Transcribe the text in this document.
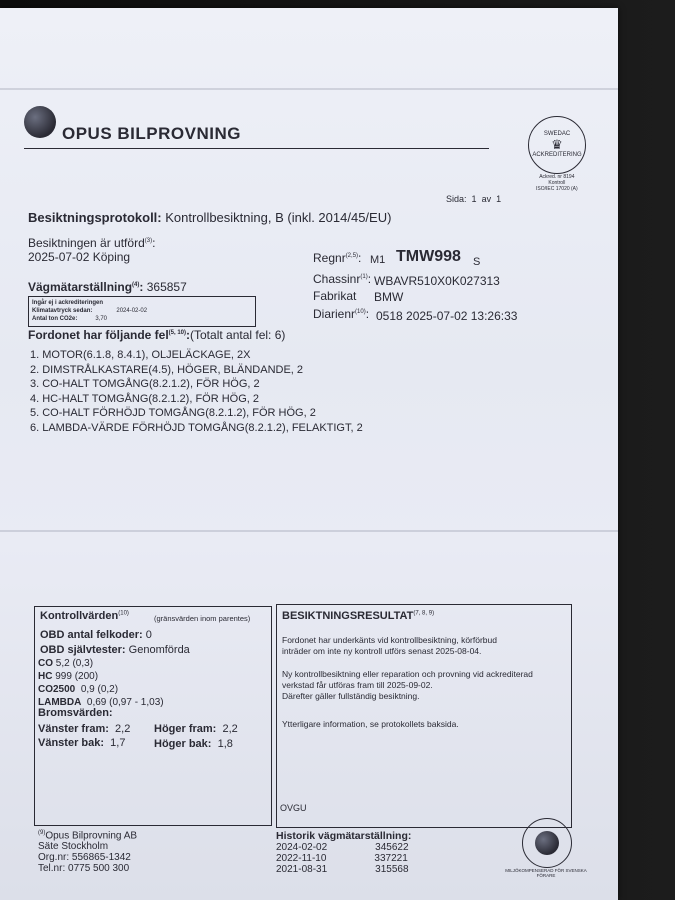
OPUS BILPROVNING	SWEDAC
♛
ACKREDITERING
Ackred. nr 8194
Kontroll
ISO/IEC 17020 (A)
Sida: 1 av 1
Besiktningsprotokoll: Kontrollbesiktning, B (inkl. 2014/45/EU)
Besiktningen är utförd$^{(3)}$:
2025-07-02 Köping	Regnr$^{(2,5)}$: M1 TMW998 S
Chassinr$^{(1)}$: WBAVR510X0K027313
Fabrikat BMW
Diarienr$^{(10)}$: 0518 2025-07-02 13:26:33
Vägmätarställning$^{(4)}$: 365857
Ingår ej i ackrediteringen
Klimatavtryck sedan:	2024-02-02
Antal ton CO2e:	3,70
Fordonet har följande fel$^{(5, 10)}$:(Totalt antal fel: 6)
1. MOTOR(6.1.8, 8.4.1), OLJELÄCKAGE, 2X
2. DIMSTRÅLKASTARE(4.5), HÖGER, BLÄNDANDE, 2
3. CO-HALT TOMGÅNG(8.2.1.2), FÖR HÖG, 2
4. HC-HALT TOMGÅNG(8.2.1.2), FÖR HÖG, 2
5. CO-HALT FÖRHÖJD TOMGÅNG(8.2.1.2), FÖR HÖG, 2
6. LAMBDA-VÄRDE FÖRHÖJD TOMGÅNG(8.2.1.2), FELAKTIGT, 2
Kontrollvärden$^{(10)}$
(gränsvärden inom parentes)
OBD antal felkoder: 0
OBD självtester: Genomförda
CO 5,2 (0,3)
HC 999 (200)
CO2500 0,9 (0,2)
LAMBDA 0,69 (0,97 - 1,03)
Bromsvärden:
Vänster fram: 2,2 Höger fram: 2,2
Vänster bak: 1,7	Höger bak: 1,8
BESIKTNINGSRESULTAT$^{(7, 8, 9)}$
Fordonet har underkänts vid kontrollbesiktning, körförbud
inträder om inte ny kontroll utförs senast 2025-08-04.
Ny kontrollbesiktning eller reparation och provning vid ackrediterad
verkstad får utföras fram till 2025-09-02.
Därefter gäller fullständig besiktning.
Ytterligare information, se protokollets baksida.
OVGU
$^{(9)}$Opus Bilprovning AB
Säte Stockholm
Org.nr: 556865-1342
Tel.nr: 0775 500 300
Historik vägmätarställning:
2024-02-02	345622
2022-11-10	337221
2021-08-31	315568	MILJÖKOMPENSERAD FÖR SVENSKA FÖRARE
